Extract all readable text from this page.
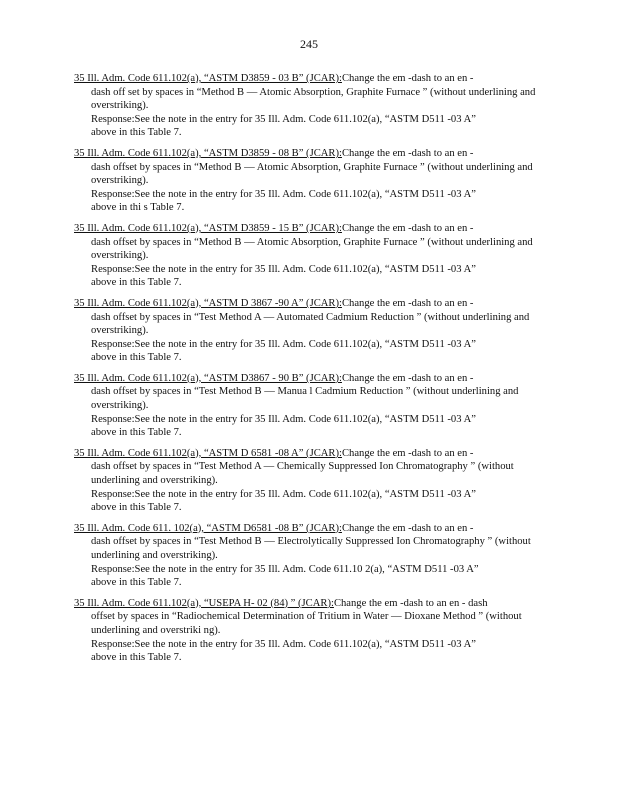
245

35 Ill. Adm. Code 611.102(a), “ASTM D3859 - 03 B” (JCAR):Change the em -dash to an en -

dash off set by spaces in “Method B — Atomic Absorption, Graphite Furnace ” (without underlining and overstriking).

Response:See the note in the entry for 35 Ill. Adm. Code 611.102(a), “ASTM D511 -03 A”

above in this Table 7.

35 Ill. Adm. Code 611.102(a), “ASTM D3859 - 08 B” (JCAR):Change the em -dash to an en -

dash offset by spaces in “Method B — Atomic Absorption, Graphite Furnace ” (without underlining and overstriking).

Response:See the note in the entry for 35 Ill. Adm. Code 611.102(a), “ASTM D511 -03 A”

above in thi s Table 7.

35 Ill. Adm. Code 611.102(a), “ASTM D3859 - 15 B” (JCAR):Change the em -dash to an en -

dash offset by spaces in “Method B — Atomic Absorption, Graphite Furnace ” (without underlining and overstriking).

Response:See the note in the entry for 35 Ill. Adm. Code 611.102(a), “ASTM D511 -03 A”

above in this Table 7.

35 Ill. Adm. Code 611.102(a), “ASTM D 3867 -90 A” (JCAR):Change the em -dash to an en -

dash offset by spaces in “Test Method A — Automated Cadmium Reduction ” (without underlining and overstriking).

Response:See the note in the entry for 35 Ill. Adm. Code 611.102(a), “ASTM D511 -03 A”

above in this Table 7.

35 Ill. Adm. Code 611.102(a), “ASTM D3867 - 90 B” (JCAR):Change the em -dash to an en -

dash offset by spaces in “Test Method B — Manua l Cadmium Reduction ” (without underlining and overstriking).

Response:See the note in the entry for 35 Ill. Adm. Code 611.102(a), “ASTM D511 -03 A”

above in this Table 7.

35 Ill. Adm. Code 611.102(a), “ASTM D 6581 -08 A” (JCAR):Change the em -dash to an en -

dash offset by spaces in “Test Method A — Chemically Suppressed Ion Chromatography ” (without underlining and overstriking).

Response:See the note in the entry for 35 Ill. Adm. Code 611.102(a), “ASTM D511 -03 A”

above in this Table 7.

35 Ill. Adm. Code 611. 102(a), “ASTM D6581 -08 B” (JCAR):Change the em -dash to an en -

dash offset by spaces in “Test Method B — Electrolytically Suppressed Ion Chromatography ” (without underlining and overstriking).

Response:See the note in the entry for 35 Ill. Adm. Code 611.10 2(a), “ASTM D511 -03 A”

above in this Table 7.

35 Ill. Adm. Code 611.102(a), “USEPA H- 02 (84) ” (JCAR):Change the em -dash to an en - dash

offset by spaces in “Radiochemical Determination of Tritium in Water — Dioxane Method ” (without underlining and overstriki ng).

Response:See the note in the entry for 35 Ill. Adm. Code 611.102(a), “ASTM D511 -03 A”

above in this Table 7.
